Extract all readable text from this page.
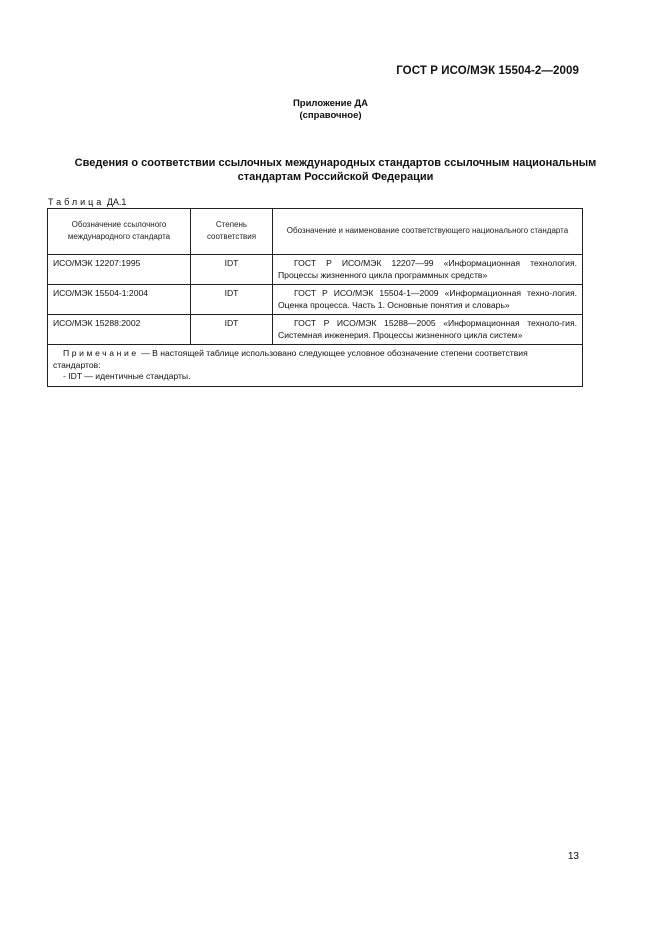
ГОСТ Р ИСО/МЭК 15504-2—2009
Приложение ДА
(справочное)
Сведения о соответствии ссылочных международных стандартов ссылочным национальным
стандартам Российской Федерации
Таблица ДА.1
Обозначение ссылочного международного стандарта	Степень соответствия	Обозначение и наименование соответствующего национального стандарта
ИСО/МЭК 12207:1995	IDT	ГОСТ Р ИСО/МЭК 12207—99 «Информационная технология. Процессы жизненного цикла программных средств»
ИСО/МЭК 15504-1:2004	IDT	ГОСТ Р ИСО/МЭК 15504-1—2009 «Информационная техно-логия. Оценка процесса. Часть 1. Основные понятия и словарь»
ИСО/МЭК 15288:2002	IDT	ГОСТ Р ИСО/МЭК 15288—2005 «Информационная техноло-гия. Системная инженерия. Процессы жизненного цикла систем»
Примечание — В настоящей таблице использовано следующее условное обозначение степени соответствия стандартов:
- IDT — идентичные стандарты.		
13
